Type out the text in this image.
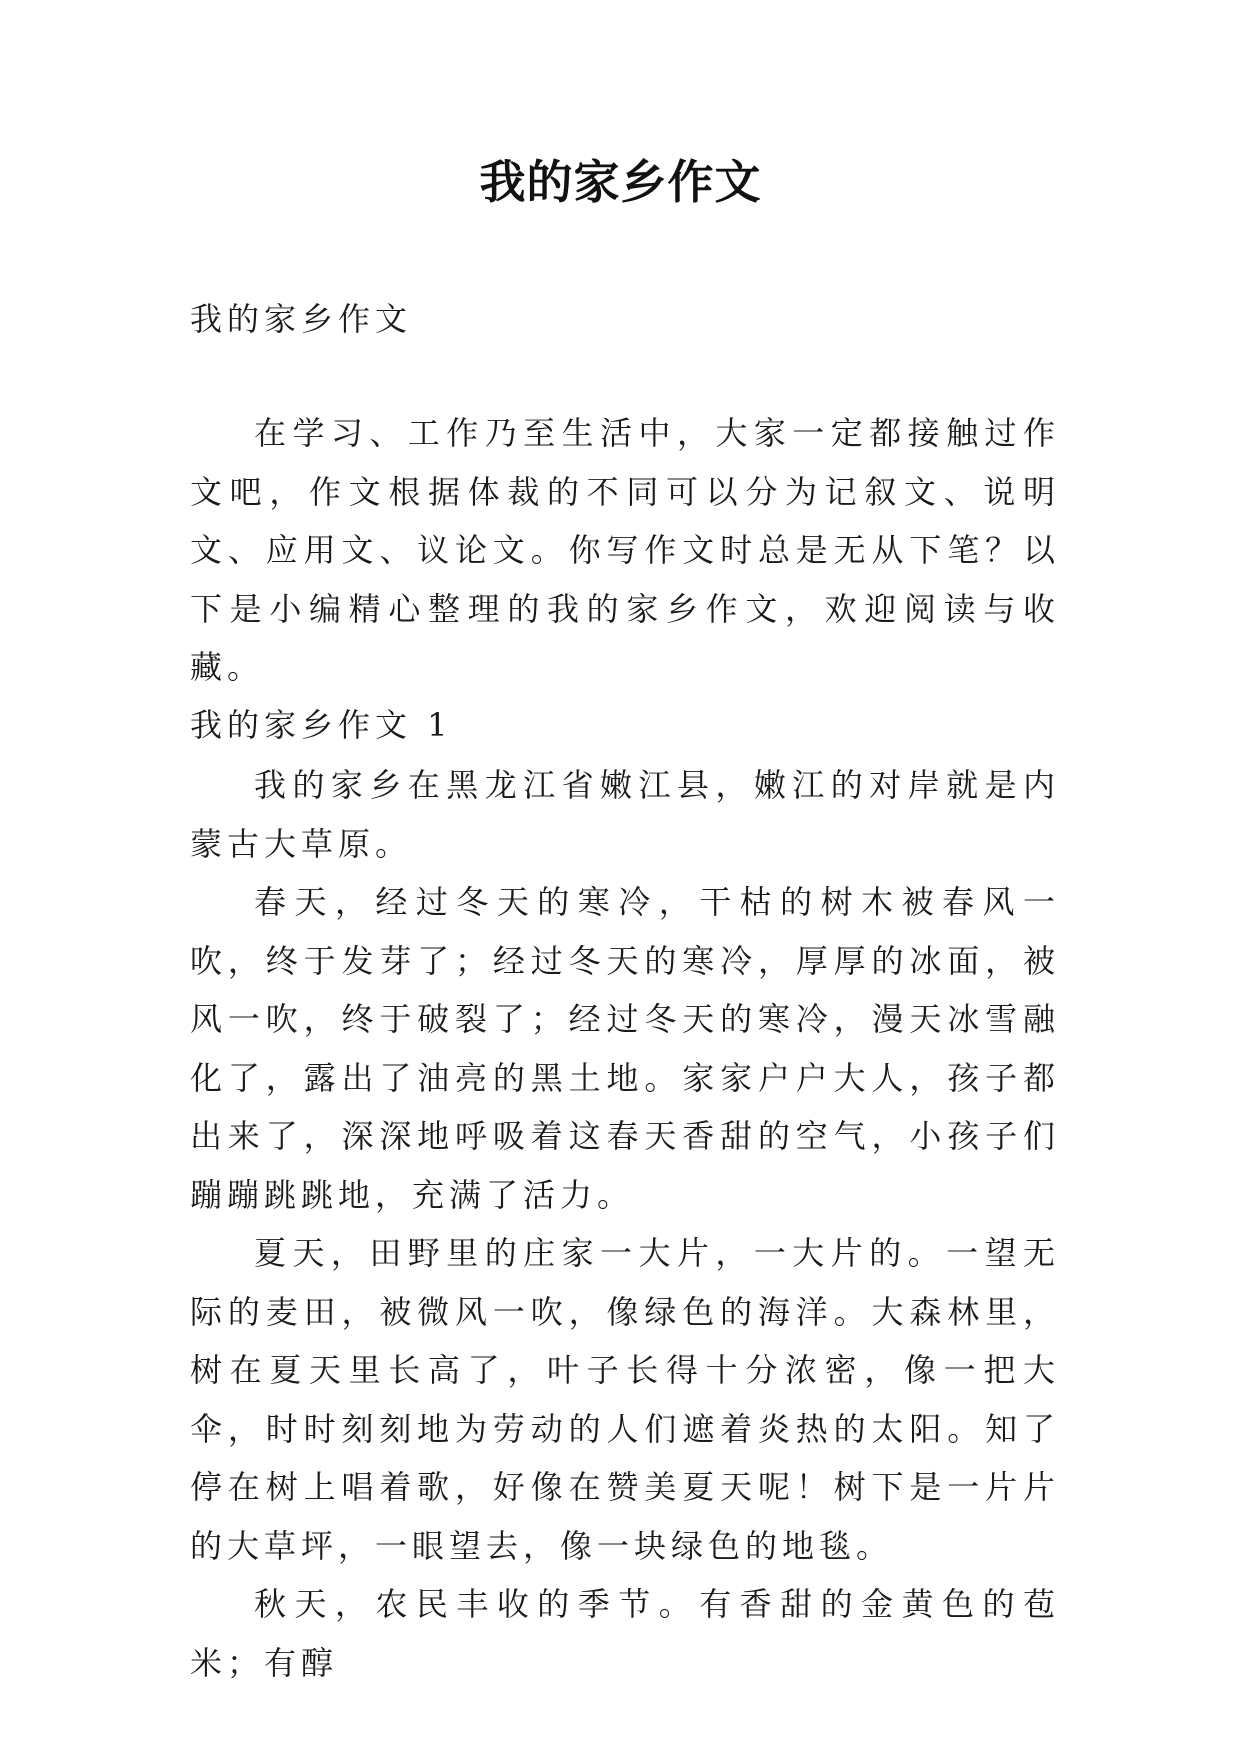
我的家乡作文

我的家乡作文

在学习、工作乃至生活中，大家一定都接触过作文吧，作文根据体裁的不同可以分为记叙文、说明文、应用文、议论文。你写作文时总是无从下笔？以下是小编精心整理的我的家乡作文，欢迎阅读与收藏。

我的家乡作文 1

我的家乡在黑龙江省嫩江县，嫩江的对岸就是内蒙古大草原。

春天，经过冬天的寒冷，干枯的树木被春风一吹，终于发芽了；经过冬天的寒冷，厚厚的冰面，被风一吹，终于破裂了；经过冬天的寒冷，漫天冰雪融化了，露出了油亮的黑土地。家家户户大人，孩子都出来了，深深地呼吸着这春天香甜的空气，小孩子们蹦蹦跳跳地，充满了活力。

夏天，田野里的庄家一大片，一大片的。一望无际的麦田，被微风一吹，像绿色的海洋。大森林里，树在夏天里长高了，叶子长得十分浓密，像一把大伞，时时刻刻地为劳动的人们遮着炎热的太阳。知了停在树上唱着歌，好像在赞美夏天呢！树下是一片片的大草坪，一眼望去，像一块绿色的地毯。

秋天，农民丰收的季节。有香甜的金黄色的苞米；有醇
